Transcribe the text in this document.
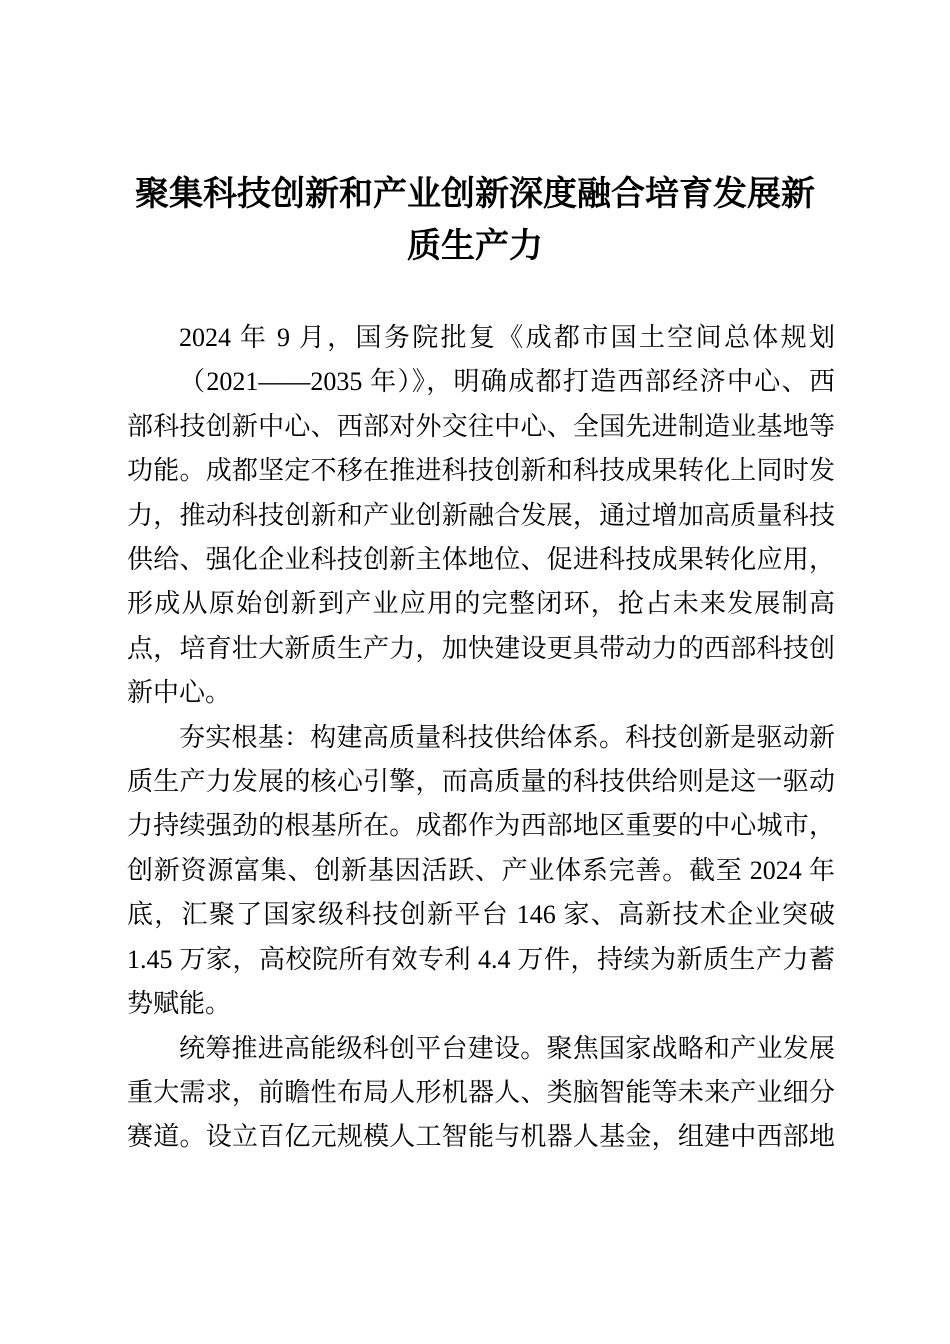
聚集科技创新和产业创新深度融合培育发展新
质生产力
2024 年 9 月，国务院批复《成都市国土空间总体规划
（2021——2035 年）》，明确成都打造西部经济中心、西
部科技创新中心、西部对外交往中心、全国先进制造业基地等
功能。成都坚定不移在推进科技创新和科技成果转化上同时发
力，推动科技创新和产业创新融合发展，通过增加高质量科技
供给、强化企业科技创新主体地位、促进科技成果转化应用，
形成从原始创新到产业应用的完整闭环，抢占未来发展制高
点，培育壮大新质生产力，加快建设更具带动力的西部科技创
新中心。
夯实根基：构建高质量科技供给体系。科技创新是驱动新
质生产力发展的核心引擎，而高质量的科技供给则是这一驱动
力持续强劲的根基所在。成都作为西部地区重要的中心城市，
创新资源富集、创新基因活跃、产业体系完善。截至 2024 年
底，汇聚了国家级科技创新平台 146 家、高新技术企业突破
1.45 万家，高校院所有效专利 4.4 万件，持续为新质生产力蓄
势赋能。
统筹推进高能级科创平台建设。聚焦国家战略和产业发展
重大需求，前瞻性布局人形机器人、类脑智能等未来产业细分
赛道。设立百亿元规模人工智能与机器人基金，组建中西部地
